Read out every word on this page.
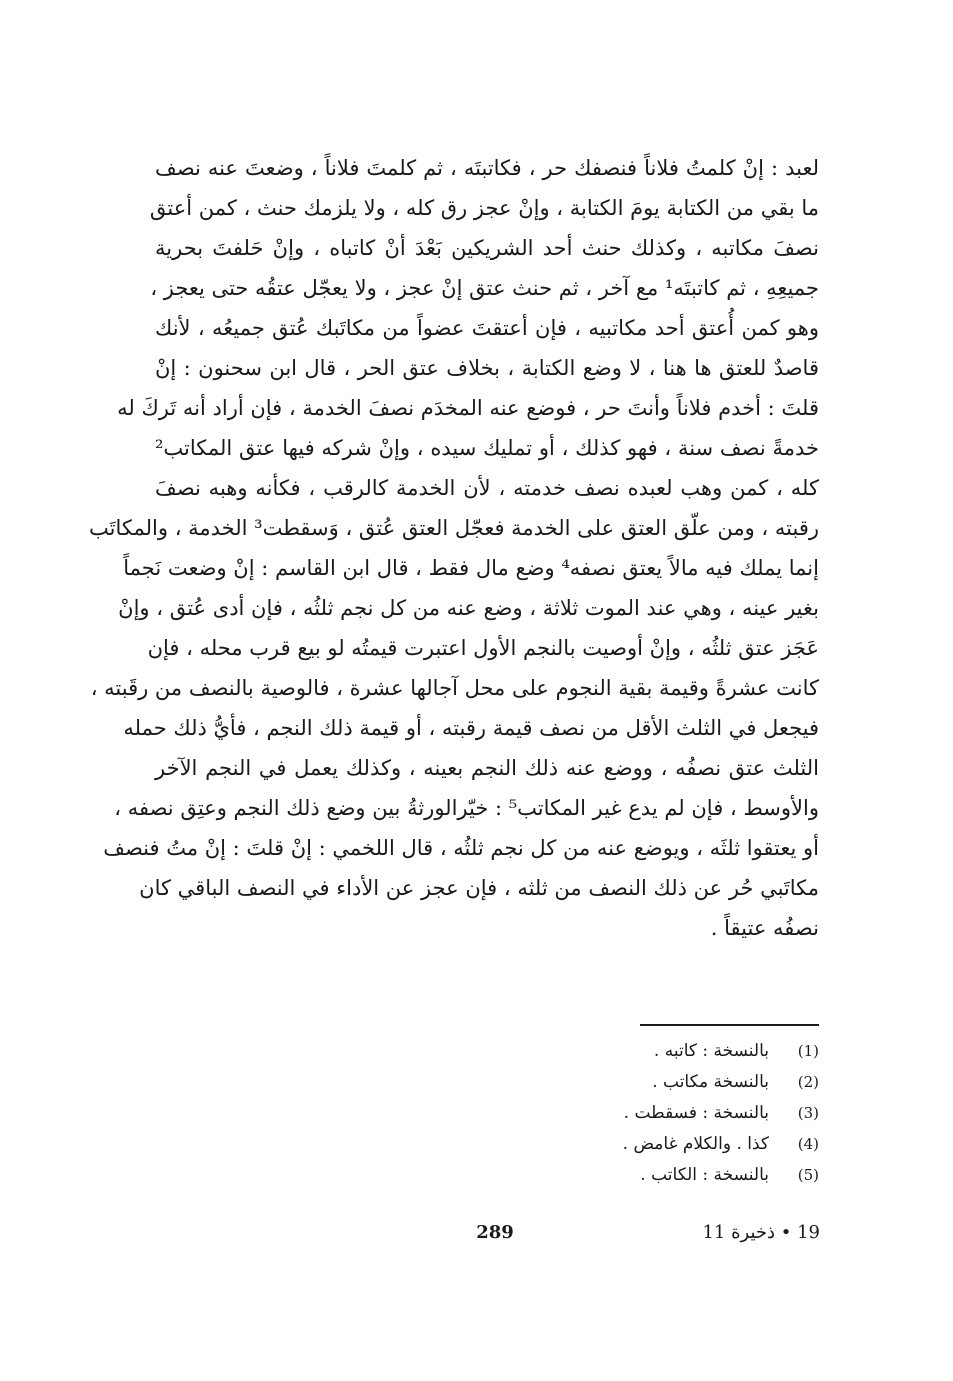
لعبد : إنْ كلمتُ فلاناً فنصفك حر ، فكاتبتَه ، ثم كلمتَ فلاناً ، وضعتَ عنه نصف
ما بقي من الكتابة يومَ الكتابة ، وإنْ عجز رق كله ، ولا يلزمك حنث ، كمن أعتق
نصفَ مكاتبه ، وكذلك حنث أحد الشريكين بَعْدَ أنْ كاتباه ، وإنْ حَلفتَ بحرية
جميعِهِ ، ثم كاتبتَه¹ مع آخر ، ثم حنث عتق إنْ عجز ، ولا يعجّل عتقُه حتى يعجز ،
وهو كمن أُعتق أحد مكاتبيه ، فإن أعتقتَ عضواً من مكاتَبك عُتق جميعُه ، لأنك
قاصدٌ للعتق ها هنا ، لا وضع الكتابة ، بخلاف عتق الحر ، قال ابن سحنون : إنْ
قلتَ : أخدم فلاناً وأنتَ حر ، فوضع عنه المخدَم نصفَ الخدمة ، فإن أراد أنه تَركَ له
خدمةً نصف سنة ، فهو كذلك ، أو تمليك سيده ، وإنْ شركه فيها عتق المكاتب²
كله ، كمن وهب لعبده نصف خدمته ، لأن الخدمة كالرقب ، فكأنه وهبه نصفَ
رقبته ، ومن علّق العتق على الخدمة فعجّل العتق عُتق ، وَسقطت³ الخدمة ، والمكاتَب
إنما يملك فيه مالاً يعتق نصفه⁴ وضع مال فقط ، قال ابن القاسم : إنْ وضعت نَجماً
بغير عينه ، وهي عند الموت ثلاثة ، وضع عنه من كل نجم ثلثُه ، فإن أدى عُتق ، وإنْ
عَجَز عتق ثلثُه ، وإنْ أوصيت بالنجم الأول اعتبرت قيمتُه لو بيع قرب محله ، فإن
كانت عشرةً وقيمة بقية النجوم على محل آجالها عشرة ، فالوصية بالنصف من رقَبته ،
فيجعل في الثلث الأقل من نصف قيمة رقبته ، أو قيمة ذلك النجم ، فأيُّ ذلك حمله
الثلث عتق نصفُه ، ووضع عنه ذلك النجم بعينه ، وكذلك يعمل في النجم الآخر
والأوسط ، فإن لم يدع غير المكاتب⁵ : خيّرالورثةُ بين وضع ذلك النجم وعتِق نصفه ،
أو يعتقوا ثلثَه ، ويوضع عنه من كل نجم ثلثُه ، قال اللخمي : إنْ قلتَ : إنْ متُ فنصف
مكاتَبي حُر عن ذلك النصف من ثلثه ، فإن عجز عن الأداء في النصف الباقي كان
نصفُه عتيقاً .
(1)
بالنسخة : كاتبه .
(2)
بالنسخة مكاتب .
(3)
بالنسخة : فسقطت .
(4)
كذا . والكلام غامض .
(5)
بالنسخة : الكاتب .
289	19 • ذخيرة 11
